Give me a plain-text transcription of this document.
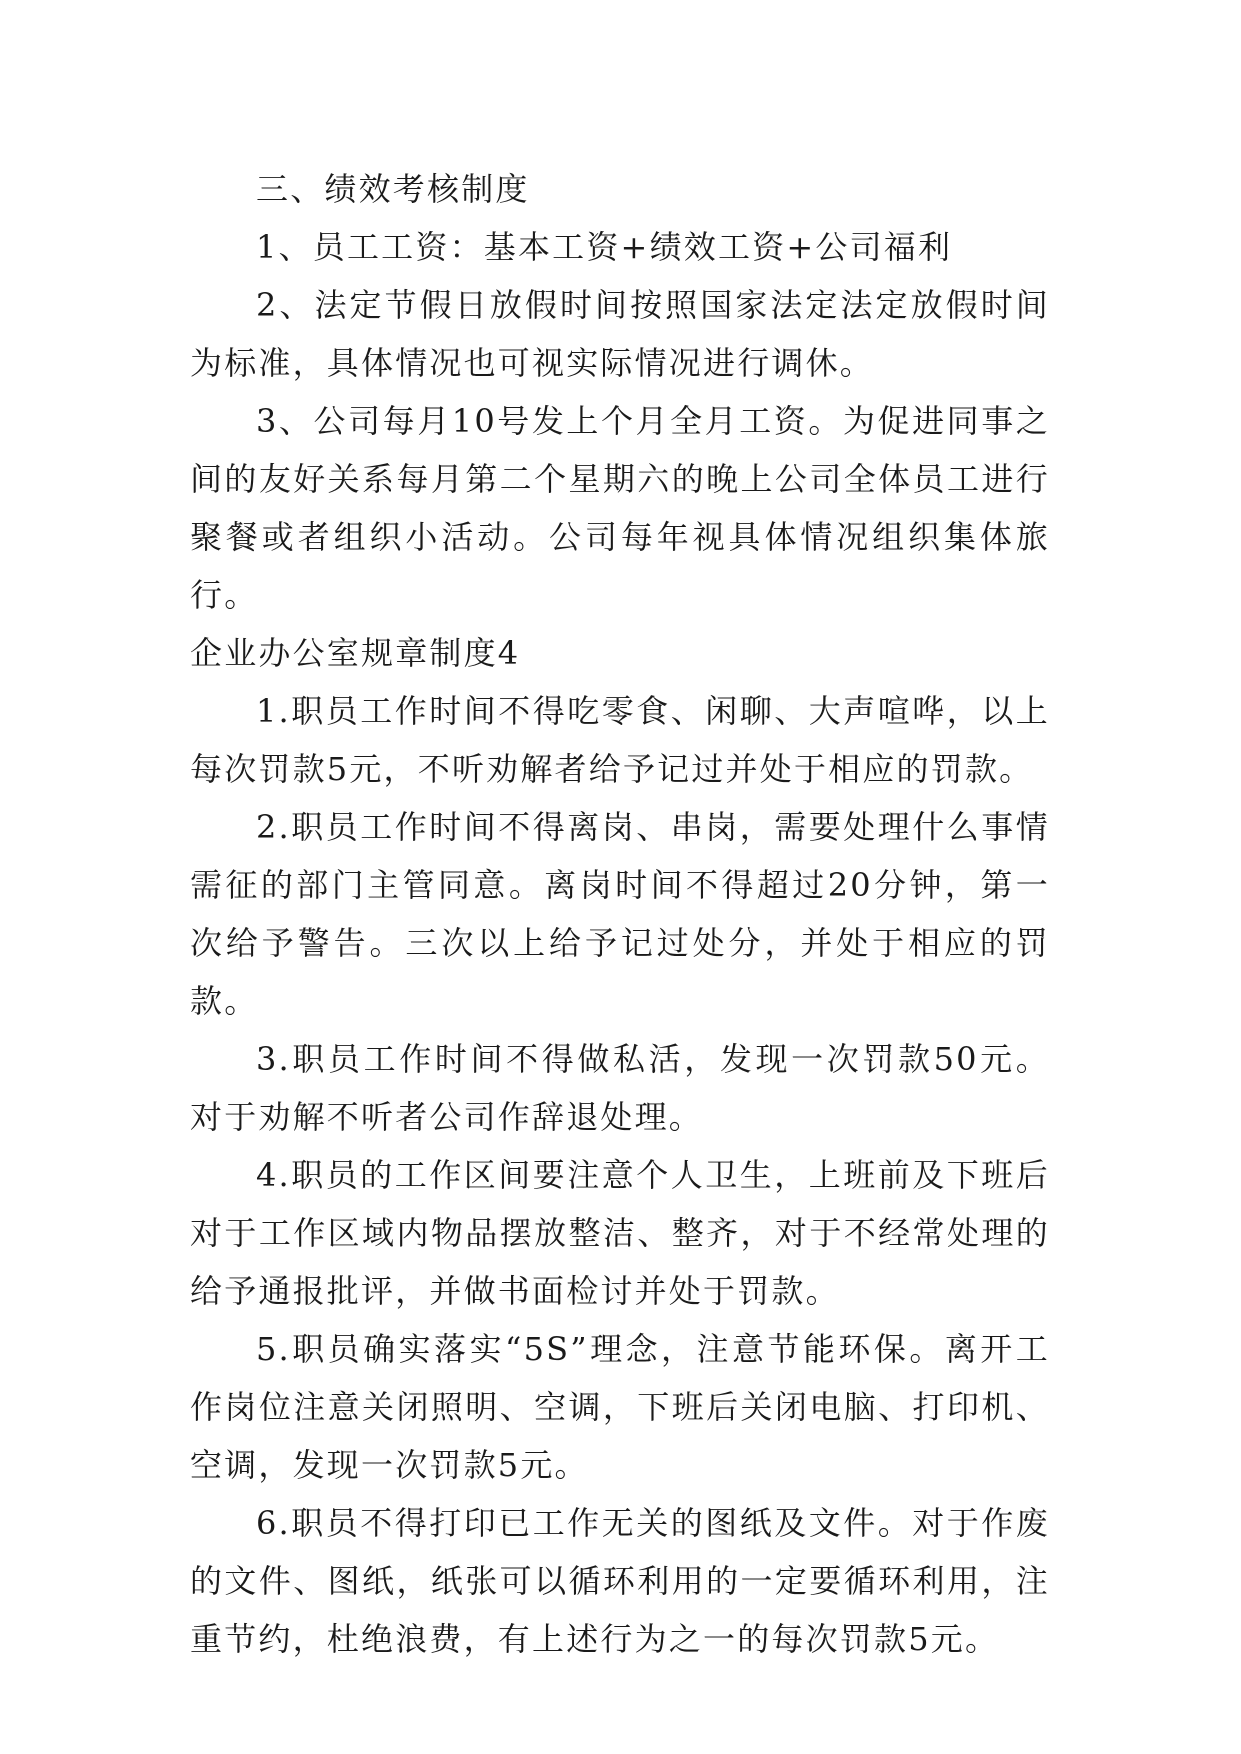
三、绩效考核制度

1、员工工资：基本工资+绩效工资+公司福利

2、法定节假日放假时间按照国家法定法定放假时间为标准，具体情况也可视实际情况进行调休。

3、公司每月10号发上个月全月工资。为促进同事之间的友好关系每月第二个星期六的晚上公司全体员工进行聚餐或者组织小活动。公司每年视具体情况组织集体旅行。

企业办公室规章制度4

1.职员工作时间不得吃零食、闲聊、大声喧哗，以上每次罚款5元，不听劝解者给予记过并处于相应的罚款。

2.职员工作时间不得离岗、串岗，需要处理什么事情需征的部门主管同意。离岗时间不得超过20分钟，第一次给予警告。三次以上给予记过处分，并处于相应的罚款。

3.职员工作时间不得做私活，发现一次罚款50元。对于劝解不听者公司作辞退处理。

4.职员的工作区间要注意个人卫生，上班前及下班后对于工作区域内物品摆放整洁、整齐，对于不经常处理的给予通报批评，并做书面检讨并处于罚款。

5.职员确实落实“5S”理念，注意节能环保。离开工作岗位注意关闭照明、空调，下班后关闭电脑、打印机、空调，发现一次罚款5元。

6.职员不得打印已工作无关的图纸及文件。对于作废的文件、图纸，纸张可以循环利用的一定要循环利用，注重节约，杜绝浪费，有上述行为之一的每次罚款5元。
